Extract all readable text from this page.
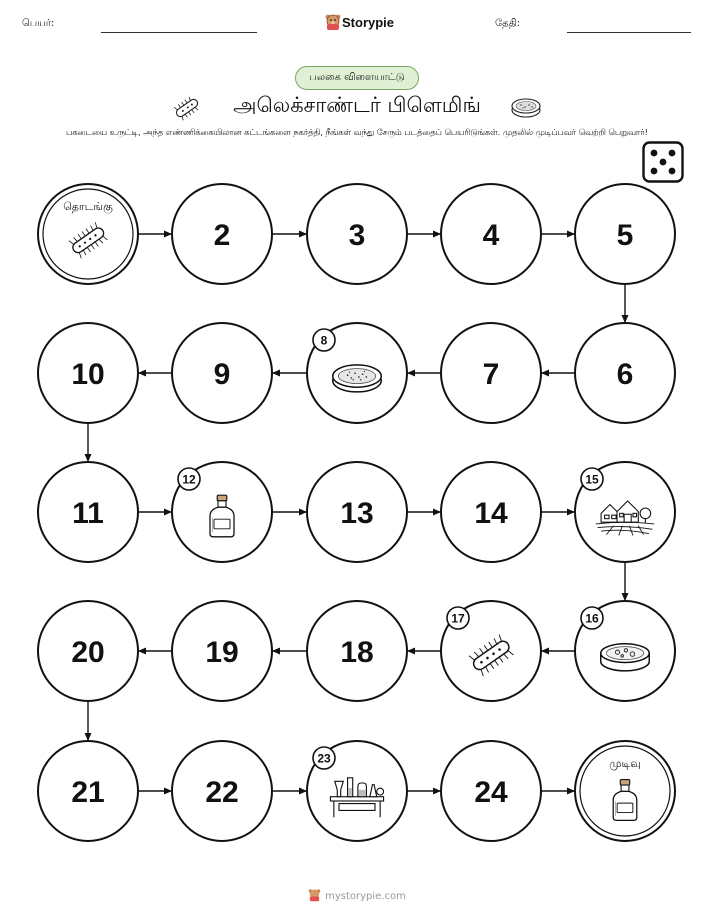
பெயர்:	Storypie	தேதி:
பலகை விளையாட்டு
அலெக்சாண்டர் பிளெமிங்
பகடையை உருட்டி, அந்த எண்ணிக்கையிலான கட்டங்களை நகர்த்தி, நீங்கள் வந்து சேரும் படத்தைப் பெயரிடுங்கள். முதலில் முடிப்பவர் வெற்றி பெறுவார்!
தொடங்கு
2	3	4	5
6
7
8
9
10
11
12
13	14
15
16
17
18
19
20
21	22
23
24
முடிவு
mystorypie.com
